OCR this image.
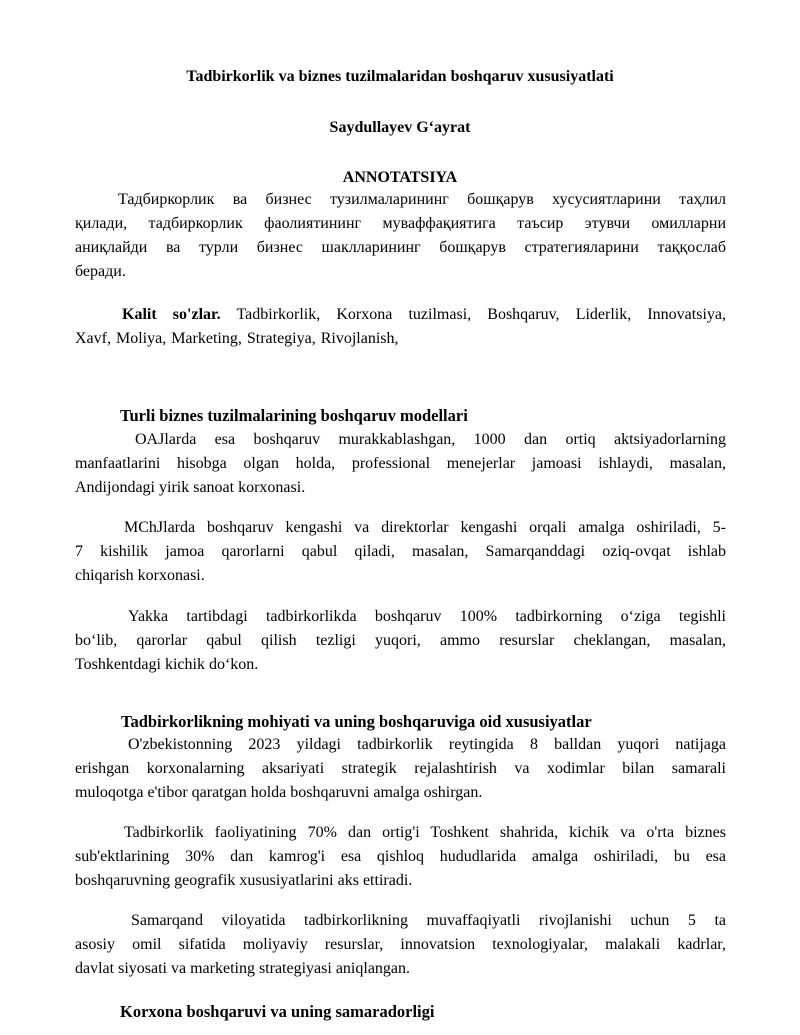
Tadbirkorlik va biznes tuzilmalaridan boshqaruv xususiyatlati
Saydullayev G‘ayrat
ANNOTATSIYA
Тадбиркорлик ва бизнес тузилмаларининг бошқарув хусусиятларини таҳлил
қилади, тадбиркорлик фаолиятининг муваффақиятига таъсир этувчи омилларни
аниқлайди ва турли бизнес шаклларининг бошқарув стратегияларини таққослаб
беради.
Kalit so'zlar. Tadbirkorlik, Korxona tuzilmasi, Boshqaruv, Liderlik, Innovatsiya,
Xavf, Moliya, Marketing, Strategiya, Rivojlanish,
Turli biznes tuzilmalarining boshqaruv modellari
OAJlarda esa boshqaruv murakkablashgan, 1000 dan ortiq aktsiyadorlarning
manfaatlarini hisobga olgan holda, professional menejerlar jamoasi ishlaydi, masalan,
Andijondagi yirik sanoat korxonasi.
MChJlarda boshqaruv kengashi va direktorlar kengashi orqali amalga oshiriladi, 5-
7 kishilik jamoa qarorlarni qabul qiladi, masalan, Samarqanddagi oziq-ovqat ishlab
chiqarish korxonasi.
Yakka tartibdagi tadbirkorlikda boshqaruv 100% tadbirkorning o‘ziga tegishli
bo‘lib, qarorlar qabul qilish tezligi yuqori, ammo resurslar cheklangan, masalan,
Toshkentdagi kichik do‘kon.
Tadbirkorlikning mohiyati va uning boshqaruviga oid xususiyatlar
O'zbekistonning 2023 yildagi tadbirkorlik reytingida 8 balldan yuqori natijaga
erishgan korxonalarning aksariyati strategik rejalashtirish va xodimlar bilan samarali
muloqotga e'tibor qaratgan holda boshqaruvni amalga oshirgan.
Tadbirkorlik faoliyatining 70% dan ortig'i Toshkent shahrida, kichik va o'rta biznes
sub'ektlarining 30% dan kamrog'i esa qishloq hududlarida amalga oshiriladi, bu esa
boshqaruvning geografik xususiyatlarini aks ettiradi.
Samarqand viloyatida tadbirkorlikning muvaffaqiyatli rivojlanishi uchun 5 ta
asosiy omil sifatida moliyaviy resurslar, innovatsion texnologiyalar, malakali kadrlar,
davlat siyosati va marketing strategiyasi aniqlangan.
Korxona boshqaruvi va uning samaradorligi
